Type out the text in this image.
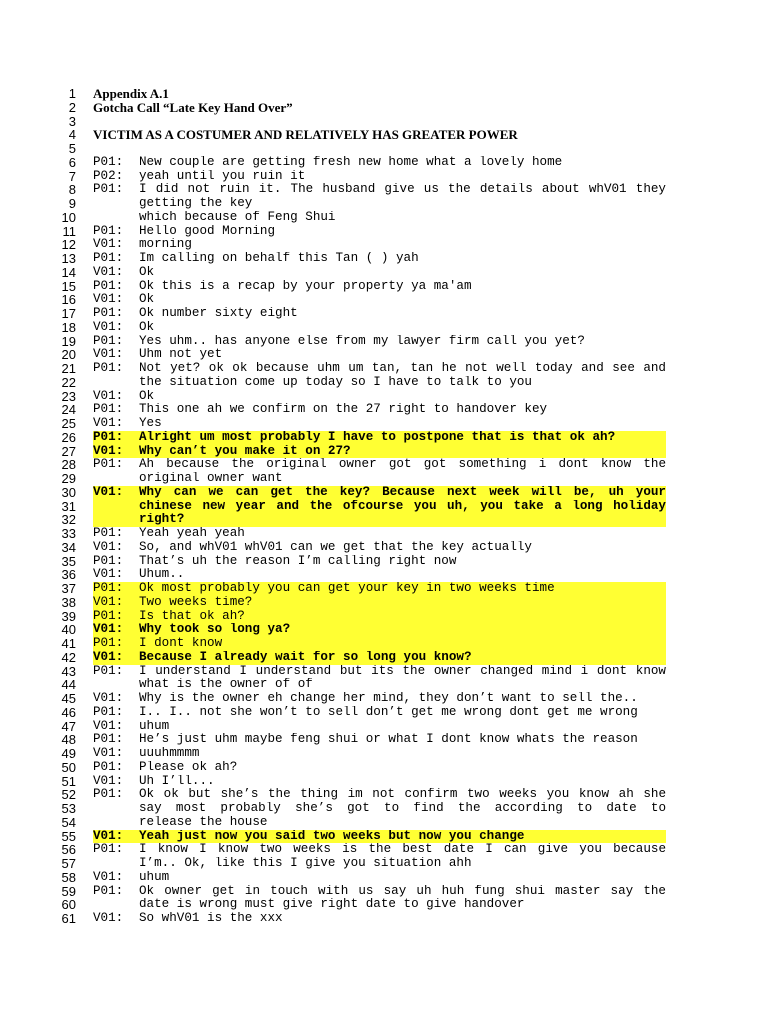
1 Appendix A.1
2 Gotcha Call “Late Key Hand Over”
3
4 VICTIM AS A COSTUMER AND RELATIVELY HAS GREATER POWER
5
6 P01: New couple are getting fresh new home what a lovely home
7 P02: yeah until you ruin it
8 P01: I did not ruin it. The husband give us the details about whV01 they
9	getting the key
10	which because of Feng Shui
11 P01: Hello good Morning
12 V01: morning
13 P01: Im calling on behalf this Tan ( ) yah
14 V01: Ok
15 P01: Ok this is a recap by your property ya ma'am
16 V01: Ok
17 P01: Ok number sixty eight
18 V01: Ok
19 P01: Yes uhm.. has anyone else from my lawyer firm call you yet?
20 V01: Uhm not yet
21 P01: Not yet? ok ok because uhm um tan, tan he not well today and see and
22	the situation come up today so I have to talk to you
23 V01: Ok
24 P01: This one ah we confirm on the 27 right to handover key
25 V01: Yes
26 P01: Alright um most probably I have to postpone that is that ok ah?
27 V01: Why can’t you make it on 27?
28 P01: Ah because the original owner got got something i dont know the
29	original owner want
30 V01: Why can we can get the key? Because next week will be, uh your
31	chinese new year and the ofcourse you uh, you take a long holiday
32	right?
33 P01: Yeah yeah yeah
34 V01: So, and whV01 whV01 can we get that the key actually
35 P01: That’s uh the reason I’m calling right now
36 V01: Uhum..
37 P01: Ok most probably you can get your key in two weeks time
38 V01: Two weeks time?
39 P01: Is that ok ah?
40 V01: Why took so long ya?
41 P01: I dont know
42 V01: Because I already wait for so long you know?
43 P01: I understand I understand but its the owner changed mind i dont know
44	what is the owner of of
45 V01: Why is the owner eh change her mind, they don’t want to sell the..
46 P01: I.. I.. not she won’t to sell don’t get me wrong dont get me wrong
47 V01: uhum
48 P01: He’s just uhm maybe feng shui or what I dont know whats the reason
49 V01: uuuhmmmm
50 P01: Please ok ah?
51 V01: Uh I’ll...
52 P01: Ok ok but she’s the thing im not confirm two weeks you know ah she
53	say most probably she’s got to find the according to date to
54	release the house
55 V01: Yeah just now you said two weeks but now you change
56 P01: I know I know two weeks is the best date I can give you because
57	I’m.. Ok, like this I give you situation ahh
58 V01: uhum
59 P01: Ok owner get in touch with us say uh huh fung shui master say the
60	date is wrong must give right date to give handover
61 V01: So whV01 is the xxx
